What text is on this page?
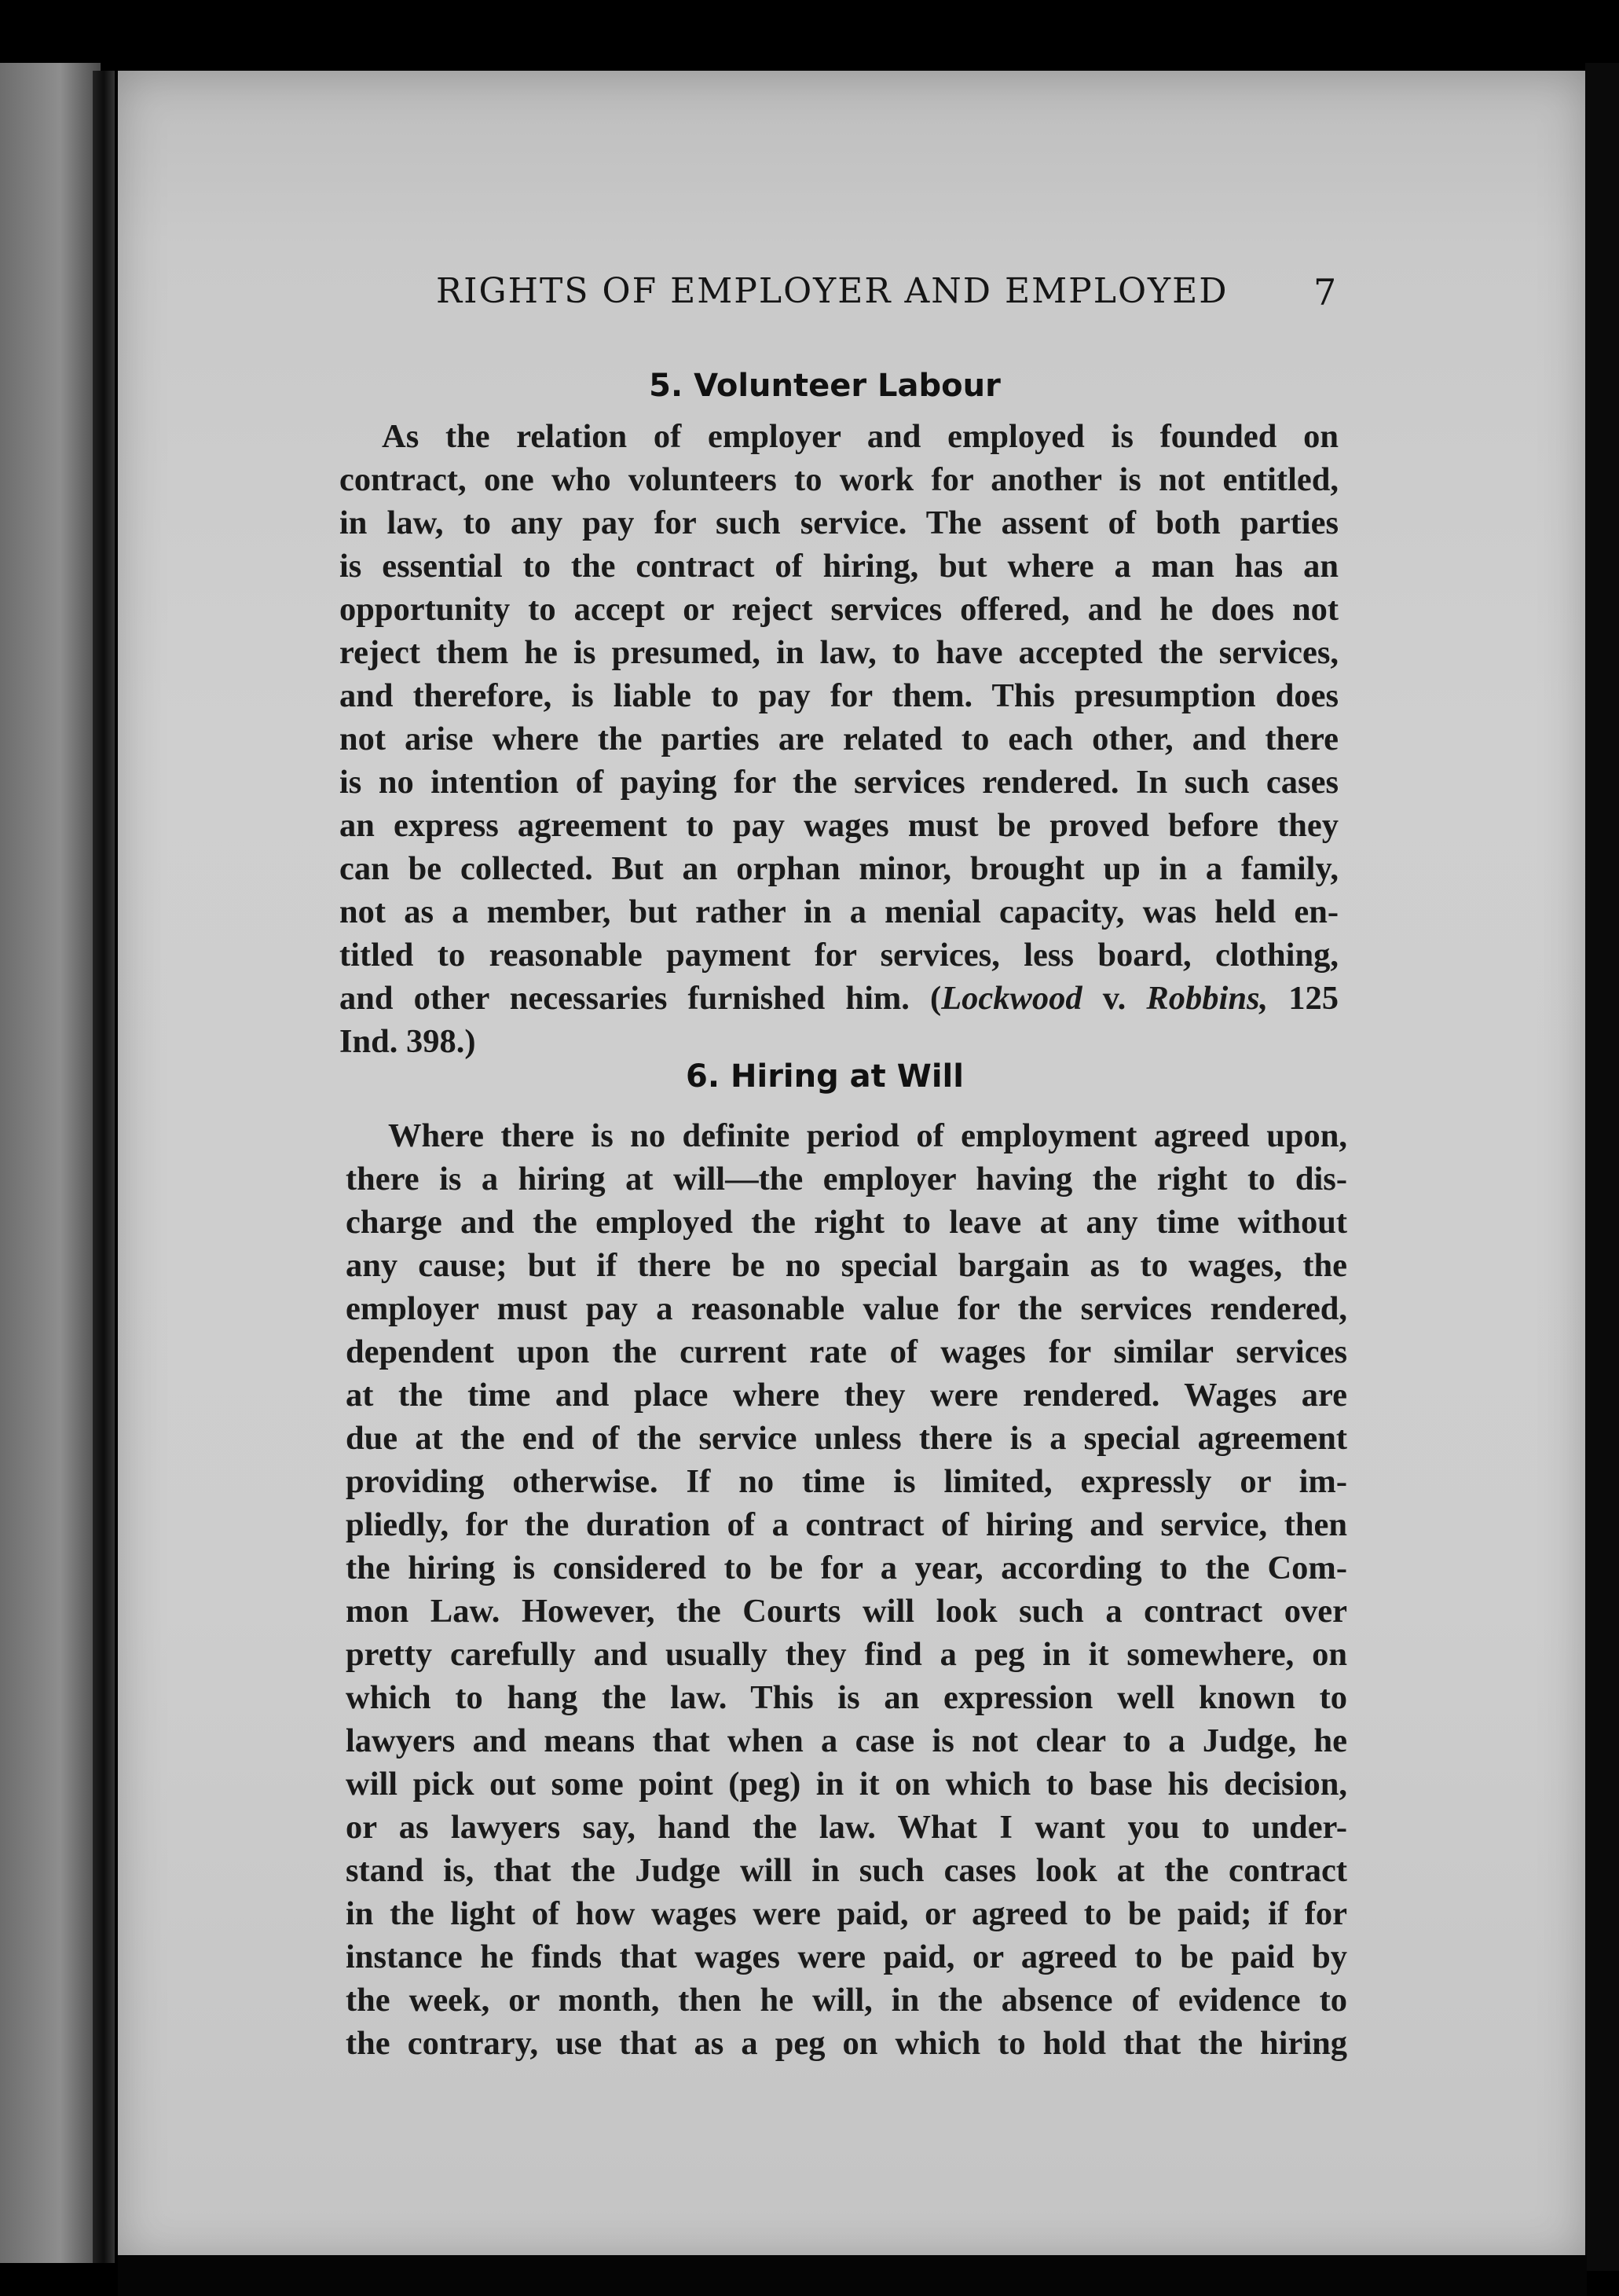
RIGHTS OF EMPLOYER AND EMPLOYED	7
5. Volunteer Labour
As the relation of employer and employed is founded on
contract, one who volunteers to work for another is not entitled,
in law, to any pay for such service. The assent of both parties
is essential to the contract of hiring, but where a man has an
opportunity to accept or reject services offered, and he does not
reject them he is presumed, in law, to have accepted the services,
and therefore, is liable to pay for them. This presumption does
not arise where the parties are related to each other, and there
is no intention of paying for the services rendered. In such cases
an express agreement to pay wages must be proved before they
can be collected. But an orphan minor, brought up in a family,
not as a member, but rather in a menial capacity, was held en-
titled to reasonable payment for services, less board, clothing,
and other necessaries furnished him. (Lockwood v. Robbins, 125
Ind. 398.)
6. Hiring at Will
Where there is no definite period of employment agreed upon,
there is a hiring at will—the employer having the right to dis-
charge and the employed the right to leave at any time without
any cause; but if there be no special bargain as to wages, the
employer must pay a reasonable value for the services rendered,
dependent upon the current rate of wages for similar services
at the time and place where they were rendered. Wages are
due at the end of the service unless there is a special agreement
providing otherwise. If no time is limited, expressly or im-
pliedly, for the duration of a contract of hiring and service, then
the hiring is considered to be for a year, according to the Com-
mon Law. However, the Courts will look such a contract over
pretty carefully and usually they find a peg in it somewhere, on
which to hang the law. This is an expression well known to
lawyers and means that when a case is not clear to a Judge, he
will pick out some point (peg) in it on which to base his decision,
or as lawyers say, hand the law. What I want you to under-
stand is, that the Judge will in such cases look at the contract
in the light of how wages were paid, or agreed to be paid; if for
instance he finds that wages were paid, or agreed to be paid by
the week, or month, then he will, in the absence of evidence to
the contrary, use that as a peg on which to hold that the hiring
